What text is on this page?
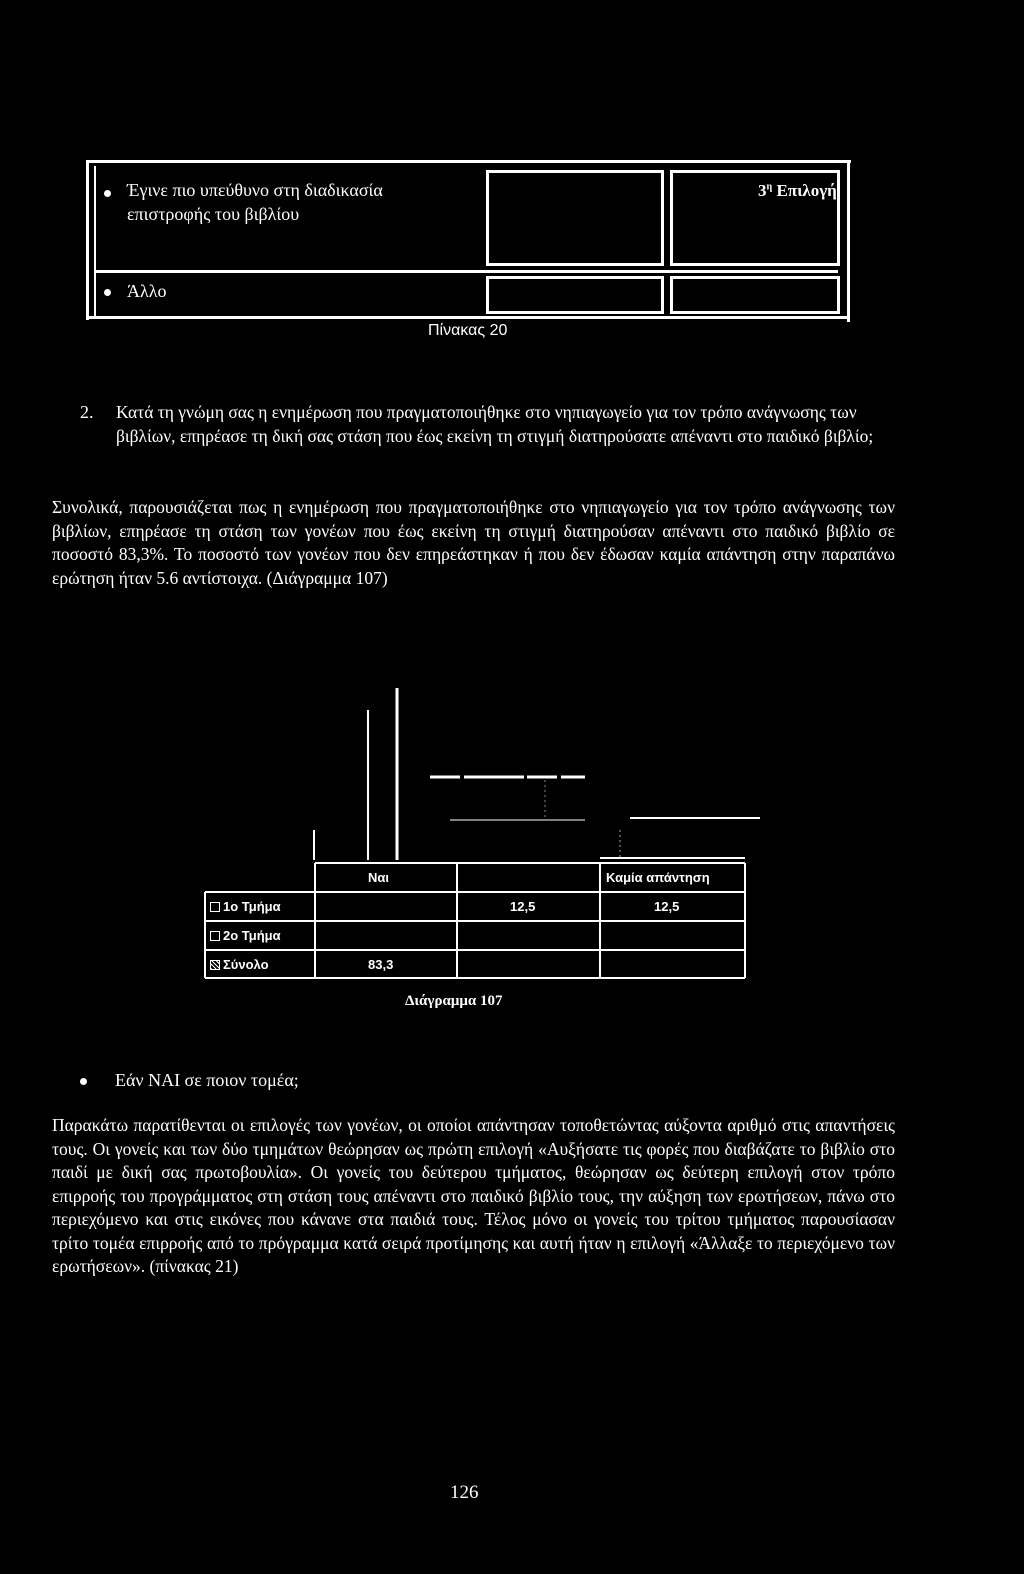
Έγινε πιο υπεύθυνο στη διαδικασία επιστροφής του βιβλίου
$3^\eta$ Επιλογή
Άλλο
Πίνακας 20
2. Κατά τη γνώμη σας η ενημέρωση που πραγματοποιήθηκε στο νηπιαγωγείο για τον τρόπο ανάγνωσης των βιβλίων, επηρέασε τη δική σας στάση που έως εκείνη τη στιγμή διατηρούσατε απέναντι στο παιδικό βιβλίο;
Συνολικά, παρουσιάζεται πως η ενημέρωση που πραγματοποιήθηκε στο νηπιαγωγείο για τον τρόπο ανάγνωσης των βιβλίων, επηρέασε τη στάση των γονέων που έως εκείνη τη στιγμή διατηρούσαν απέναντι στο παιδικό βιβλίο σε ποσοστό 83,3%. Το ποσοστό των γονέων που δεν επηρεάστηκαν ή που δεν έδωσαν καμία απάντηση στην παραπάνω ερώτηση ήταν 5.6 αντίστοιχα. (Διάγραμμα 107)
Ναι	Καμία απάντηση
1ο Τμήμα
2ο Τμήμα
Σύνολο
12,5	12,5
83,3
Διάγραμμα 107
Εάν ΝΑΙ σε ποιον τομέα;
Παρακάτω παρατίθενται οι επιλογές των γονέων, οι οποίοι απάντησαν τοποθετώντας αύξοντα αριθμό στις απαντήσεις τους. Οι γονείς και των δύο τμημάτων θεώρησαν ως πρώτη επιλογή «Αυξήσατε τις φορές που διαβάζατε το βιβλίο στο παιδί με δική σας πρωτοβουλία». Οι γονείς του δεύτερου τμήματος, θεώρησαν ως δεύτερη επιλογή στον τρόπο επιρροής του προγράμματος στη στάση τους απέναντι στο παιδικό βιβλίο τους, την αύξηση των ερωτήσεων, πάνω στο περιεχόμενο και στις εικόνες που κάνανε στα παιδιά τους. Τέλος μόνο οι γονείς του τρίτου τμήματος παρουσίασαν τρίτο τομέα επιρροής από το πρόγραμμα κατά σειρά προτίμησης και αυτή ήταν η επιλογή «Άλλαξε το περιεχόμενο των ερωτήσεων». (πίνακας 21)
126
